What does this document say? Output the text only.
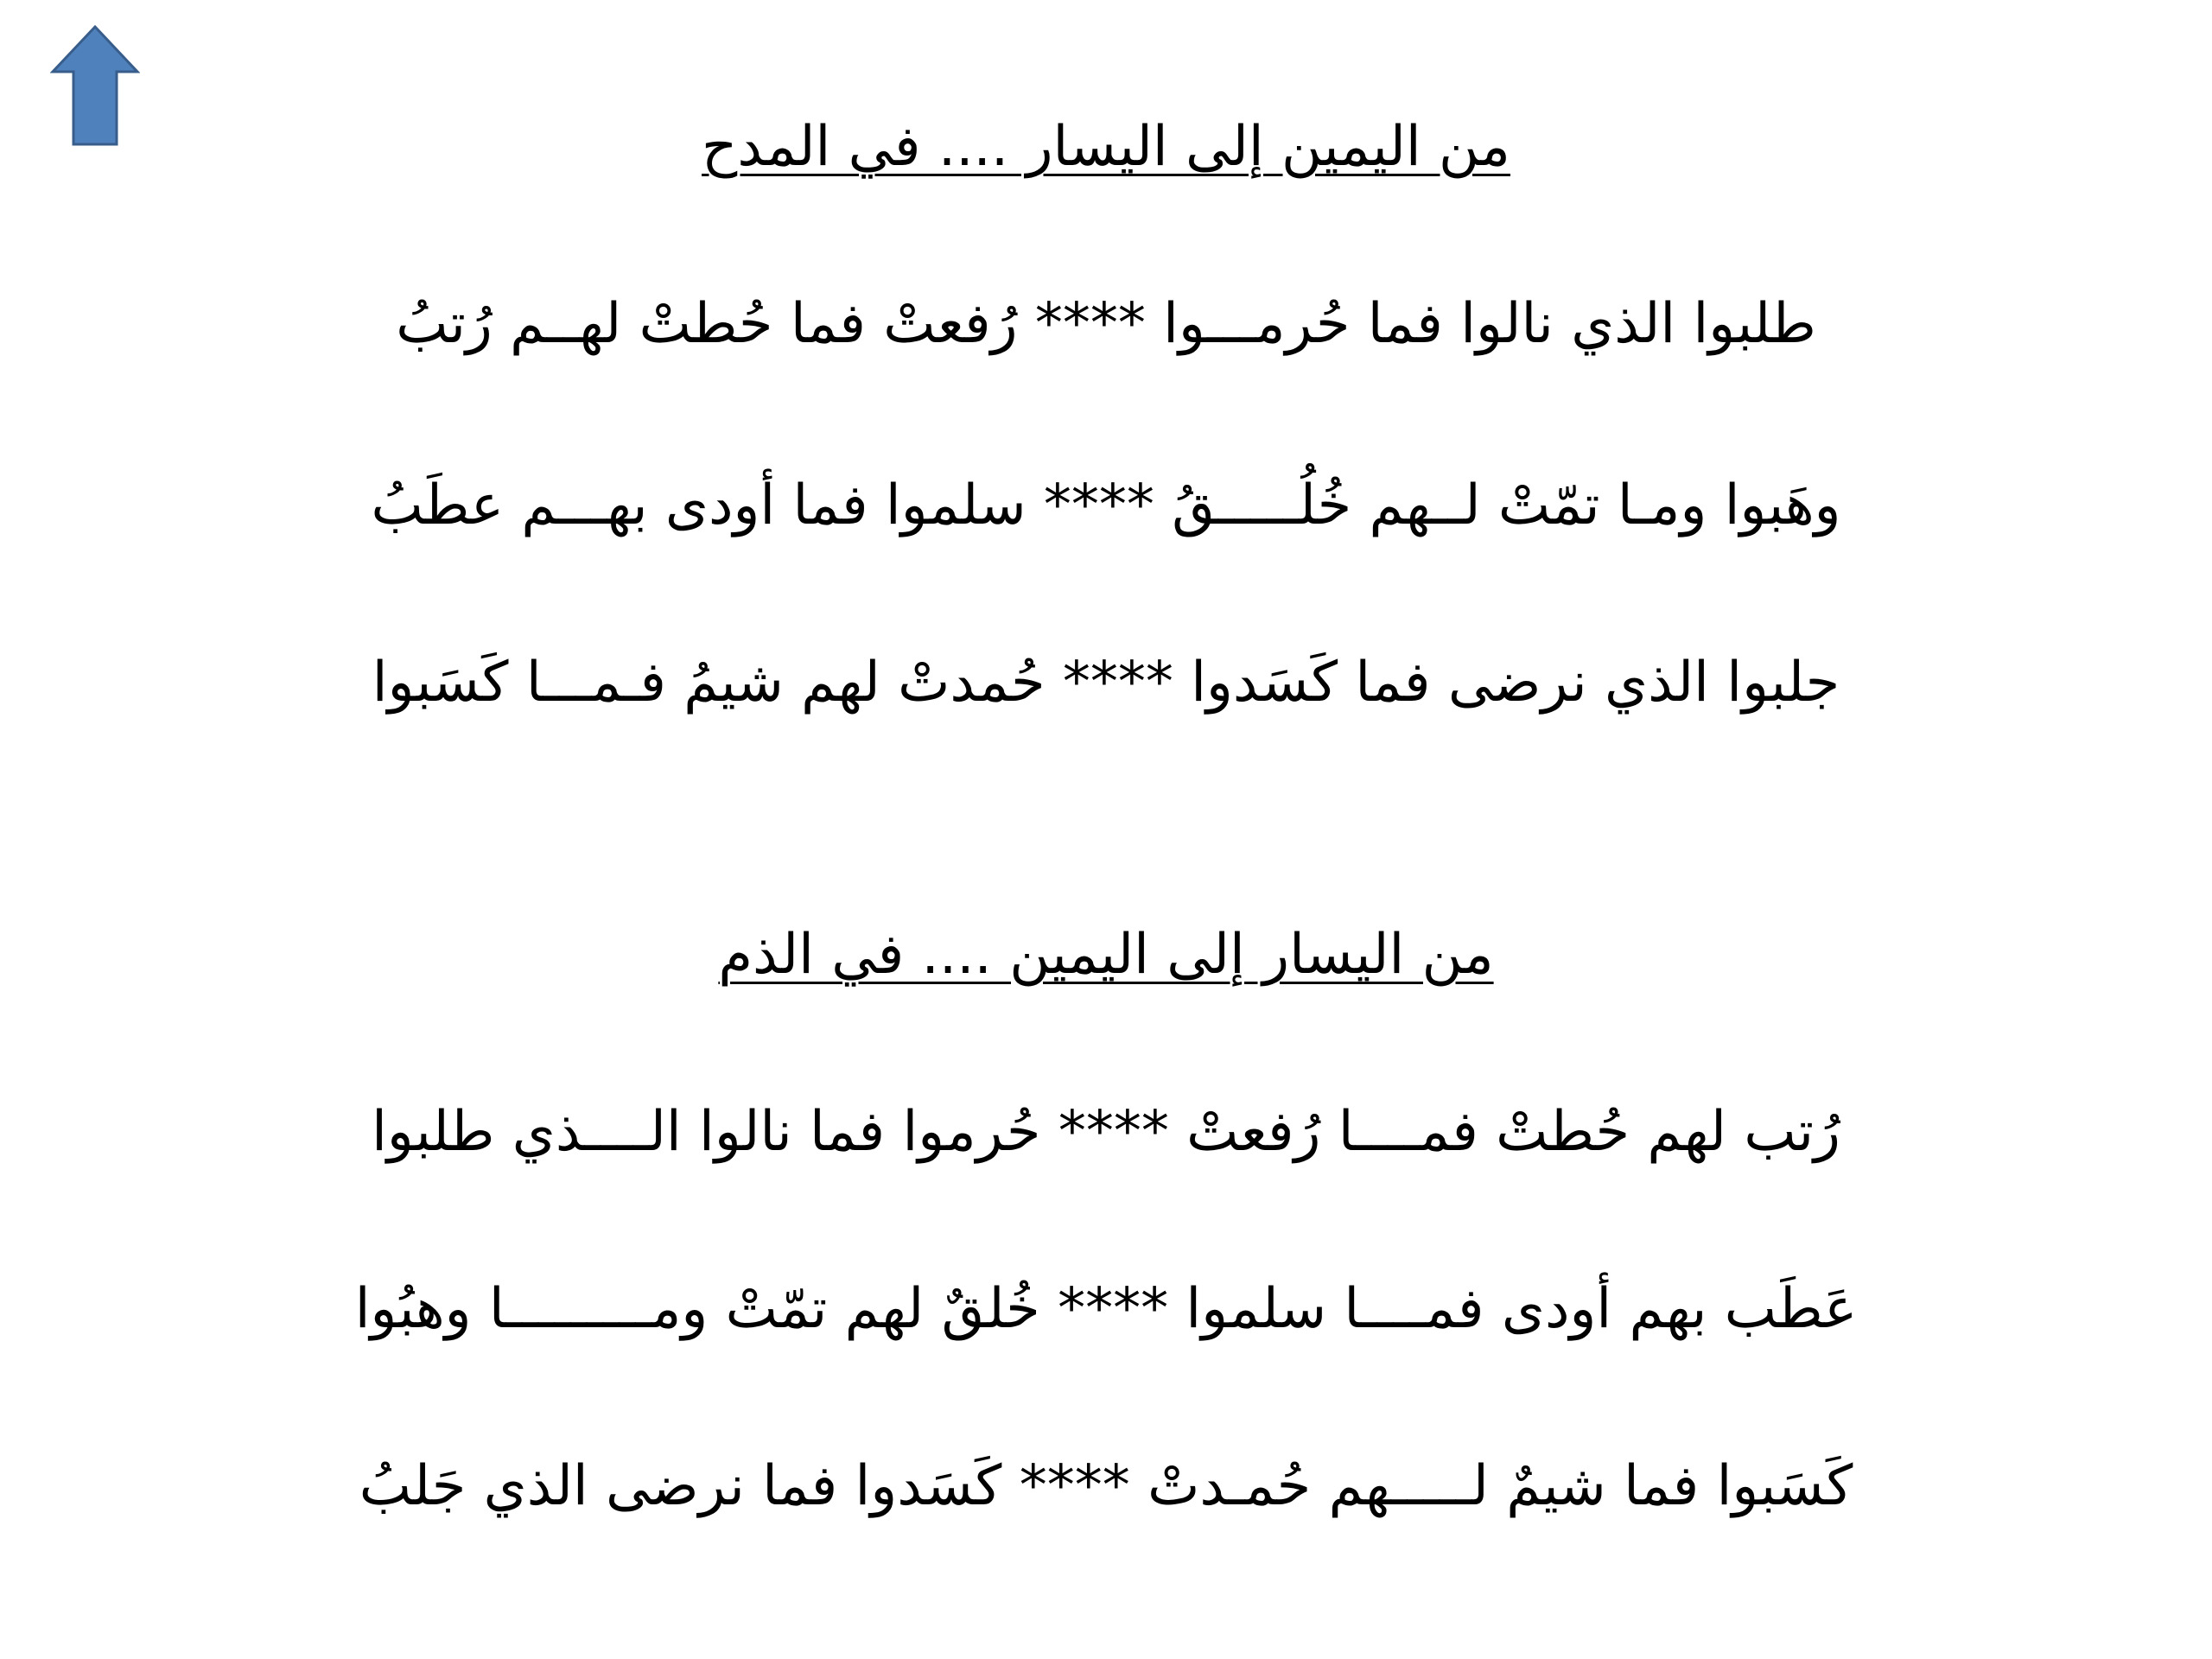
من اليمين إلى اليسار .... في المدح
طلبوا الذي نالوا فما حُرمـــوا **** رُفعتْ فما حُطتْ لهــم رُتبُ
وهَبوا ومـا تمّتْ لــهم خُلُـــــقُ **** سلموا فما أودى بهـــم عطَبُ
جلبوا الذي نرضى فما كَسَدوا **** حُمدتْ لهم شيمُ فـمـــا كَسَبوا
من اليسار إلى اليمين .... في الذم
رُتب لهم حُطتْ فمــــا رُفعتْ **** حُرموا فما نالوا الــــذي طلبوا
عَطَب بهم أودى فمــــا سلموا **** خُلقٌ لهم تمّتْ ومـــــــــا وهبُوا
كَسَبوا فما شيمٌ لـــــهم حُمـدتْ **** كَسَدوا فما نرضى الذي جَلبُ
